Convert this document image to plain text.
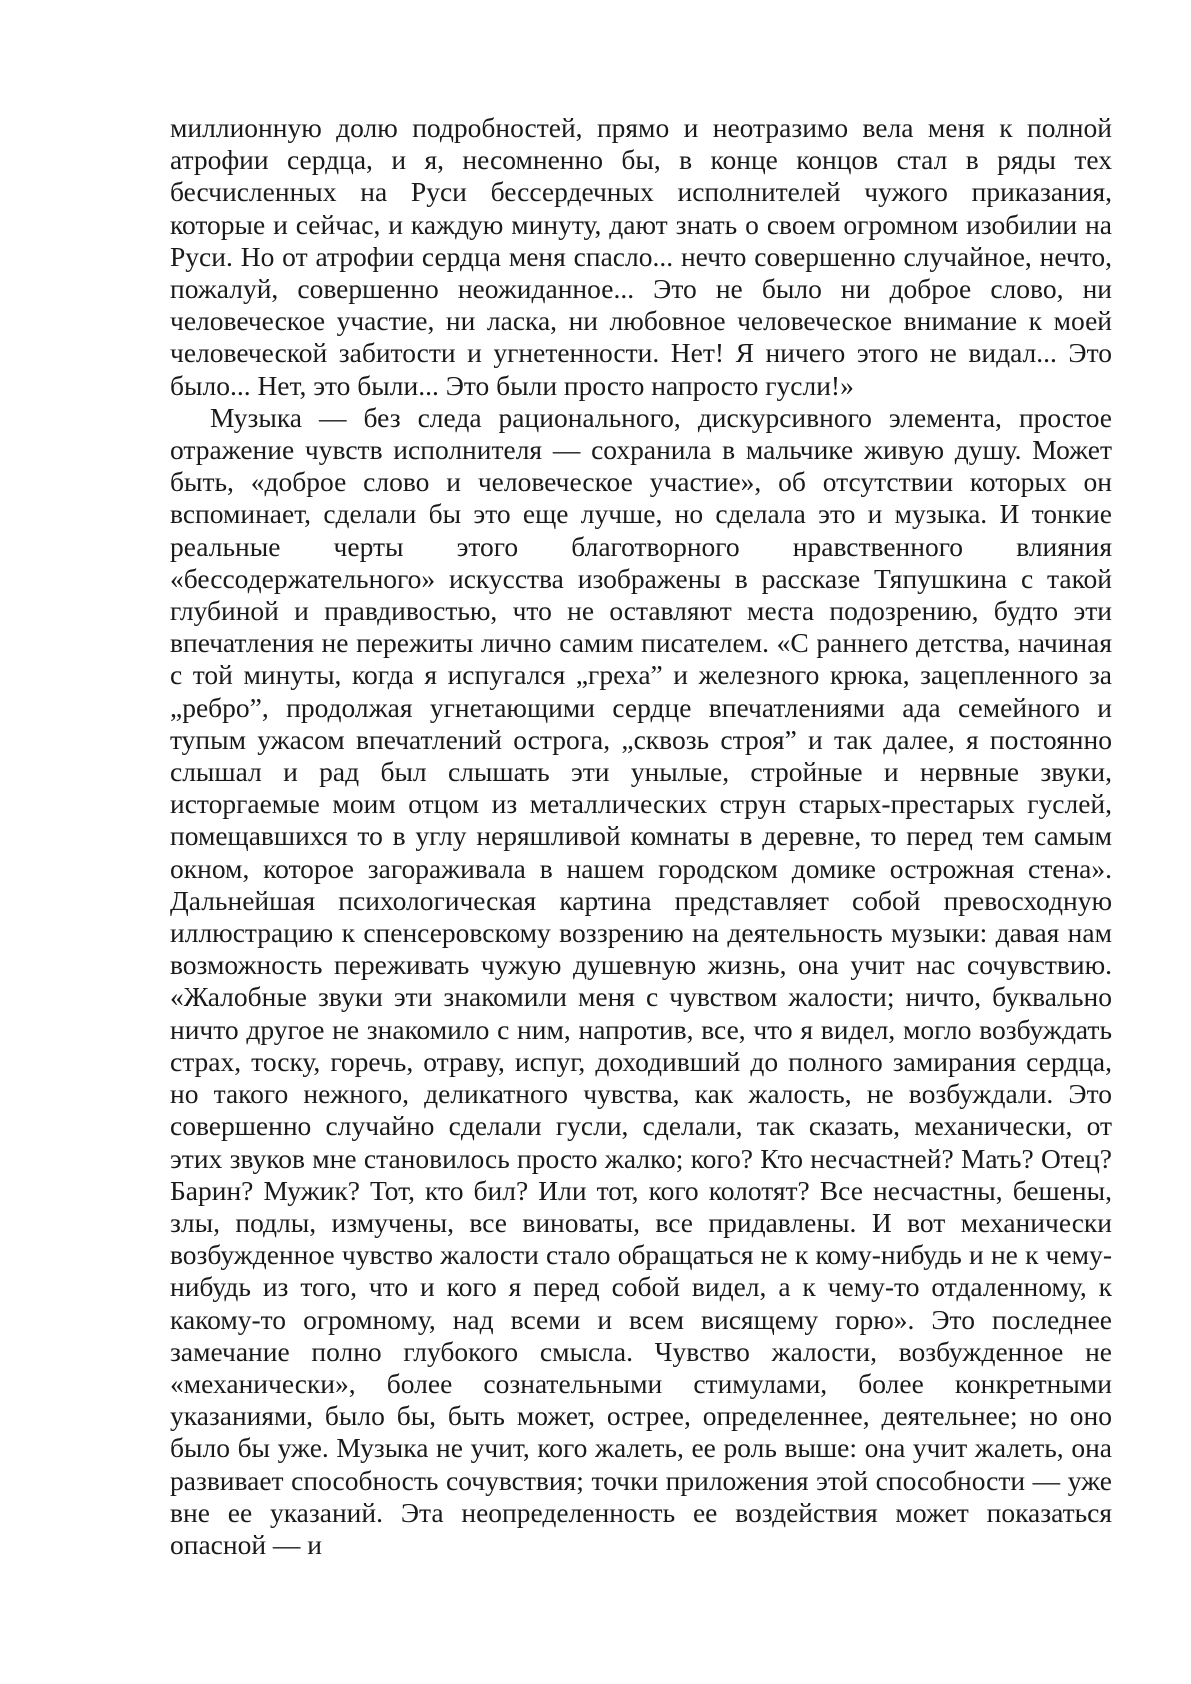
миллионную долю подробностей, прямо и неотразимо вела меня к полной атрофии сердца, и я, несомненно бы, в конце концов стал в ряды тех бесчисленных на Руси бессердечных исполнителей чужого приказания, которые и сейчас, и каждую минуту, дают знать о своем огромном изобилии на Руси. Но от атрофии сердца меня спасло... нечто совершенно случайное, нечто, пожалуй, совершенно неожиданное... Это не было ни доброе слово, ни человеческое участие, ни ласка, ни любовное человеческое внимание к моей человеческой забитости и угнетенности. Нет! Я ничего этого не видал... Это было... Нет, это были... Это были просто напросто гусли!»

Музыка — без следа рационального, дискурсивного элемента, простое отражение чувств исполнителя — сохранила в мальчике живую душу. Может быть, «доброе слово и человеческое участие», об отсутствии которых он вспоминает, сделали бы это еще лучше, но сделала это и музыка. И тонкие реальные черты этого благотворного нравственного влияния «бессодержательного» искусства изображены в рассказе Тяпушкина с такой глубиной и правдивостью, что не оставляют места подозрению, будто эти впечатления не пережиты лично самим писателем. «С раннего детства, начиная с той минуты, когда я испугался „греха” и железного крюка, зацепленного за „ребро”, продолжая угнетающими сердце впечатлениями ада семейного и тупым ужасом впечатлений острога, „сквозь строя” и так далее, я постоянно слышал и рад был слышать эти унылые, стройные и нервные звуки, исторгаемые моим отцом из металлических струн старых-престарых гуслей, помещавшихся то в углу неряшливой комнаты в деревне, то перед тем самым окном, которое загораживала в нашем городском домике острожная стена». Дальнейшая психологическая картина представляет собой превосходную иллюстрацию к спенсеровскому воззрению на деятельность музыки: давая нам возможность переживать чужую душевную жизнь, она учит нас сочувствию. «Жалобные звуки эти знакомили меня с чувством жалости; ничто, буквально ничто другое не знакомило с ним, напротив, все, что я видел, могло возбуждать страх, тоску, горечь, отраву, испуг, доходивший до полного замирания сердца, но такого нежного, деликатного чувства, как жалость, не возбуждали. Это совершенно случайно сделали гусли, сделали, так сказать, механически, от этих звуков мне становилось просто жалко; кого? Кто несчастней? Мать? Отец? Барин? Мужик? Тот, кто бил? Или тот, кого колотят? Все несчастны, бешены, злы, подлы, измучены, все виноваты, все придавлены. И вот механически возбужденное чувство жалости стало обращаться не к кому-нибудь и не к чему-нибудь из того, что и кого я перед собой видел, а к чему-то отдаленному, к какому-то огромному, над всеми и всем висящему горю». Это последнее замечание полно глубокого смысла. Чувство жалости, возбужденное не «механически», более сознательными стимулами, более конкретными указаниями, было бы, быть может, острее, определеннее, деятельнее; но оно было бы уже. Музыка не учит, кого жалеть, ее роль выше: она учит жалеть, она развивает способность сочувствия; точки приложения этой способности — уже вне ее указаний. Эта неопределенность ее воздействия может показаться опасной — и
